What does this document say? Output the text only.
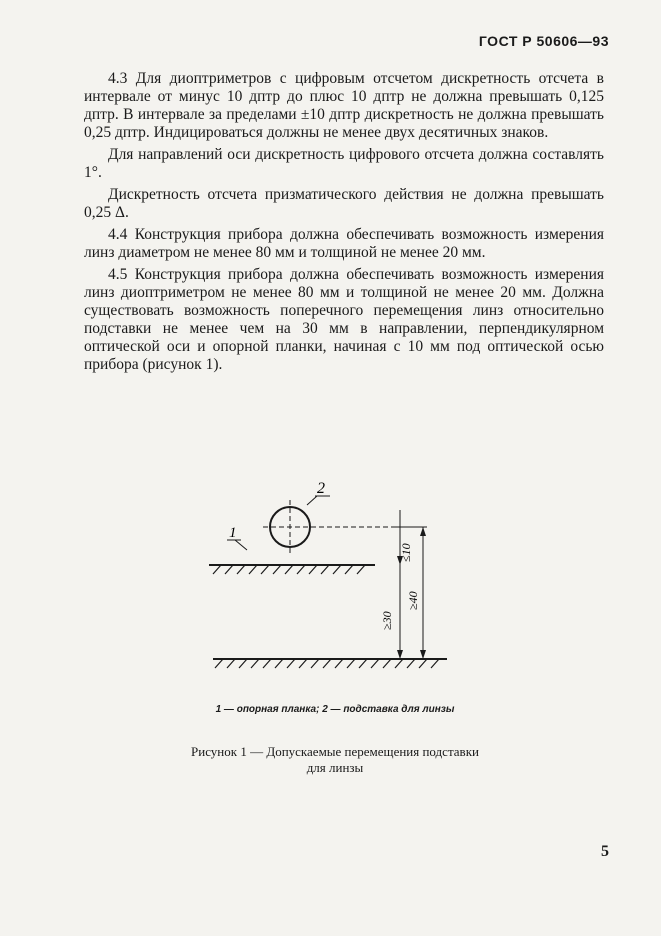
ГОСТ Р 50606—93

4.3 Для диоптриметров с цифровым отсчетом дискретность отсчета в интервале от минус 10 дптр до плюс 10 дптр не должна превышать 0,125 дптр. В интервале за пределами ±10 дптр дискретность не должна превышать 0,25 дптр. Индицироваться должны не менее двух десятичных знаков.

Для направлений оси дискретность цифрового отсчета должна составлять 1°.

Дискретность отсчета призматического действия не должна превышать 0,25 Δ.

4.4 Конструкция прибора должна обеспечивать возможность измерения линз диаметром не менее 80 мм и толщиной не менее 20 мм.

4.5 Конструкция прибора должна обеспечивать возможность измерения линз диоптриметром не менее 80 мм и толщиной не менее 20 мм. Должна существовать возможность поперечного перемещения линз относительно подставки не менее чем на 30 мм в направлении, перпендикулярном оптической оси и опорной планки, начиная с 10 мм под оптической осью прибора (рисунок 1).

1
2
≤10
≥30
≥40
1 — опорная планка; 2 — подставка для линзы
Рисунок 1 — Допускаемые перемещения подставки для линзы
5
